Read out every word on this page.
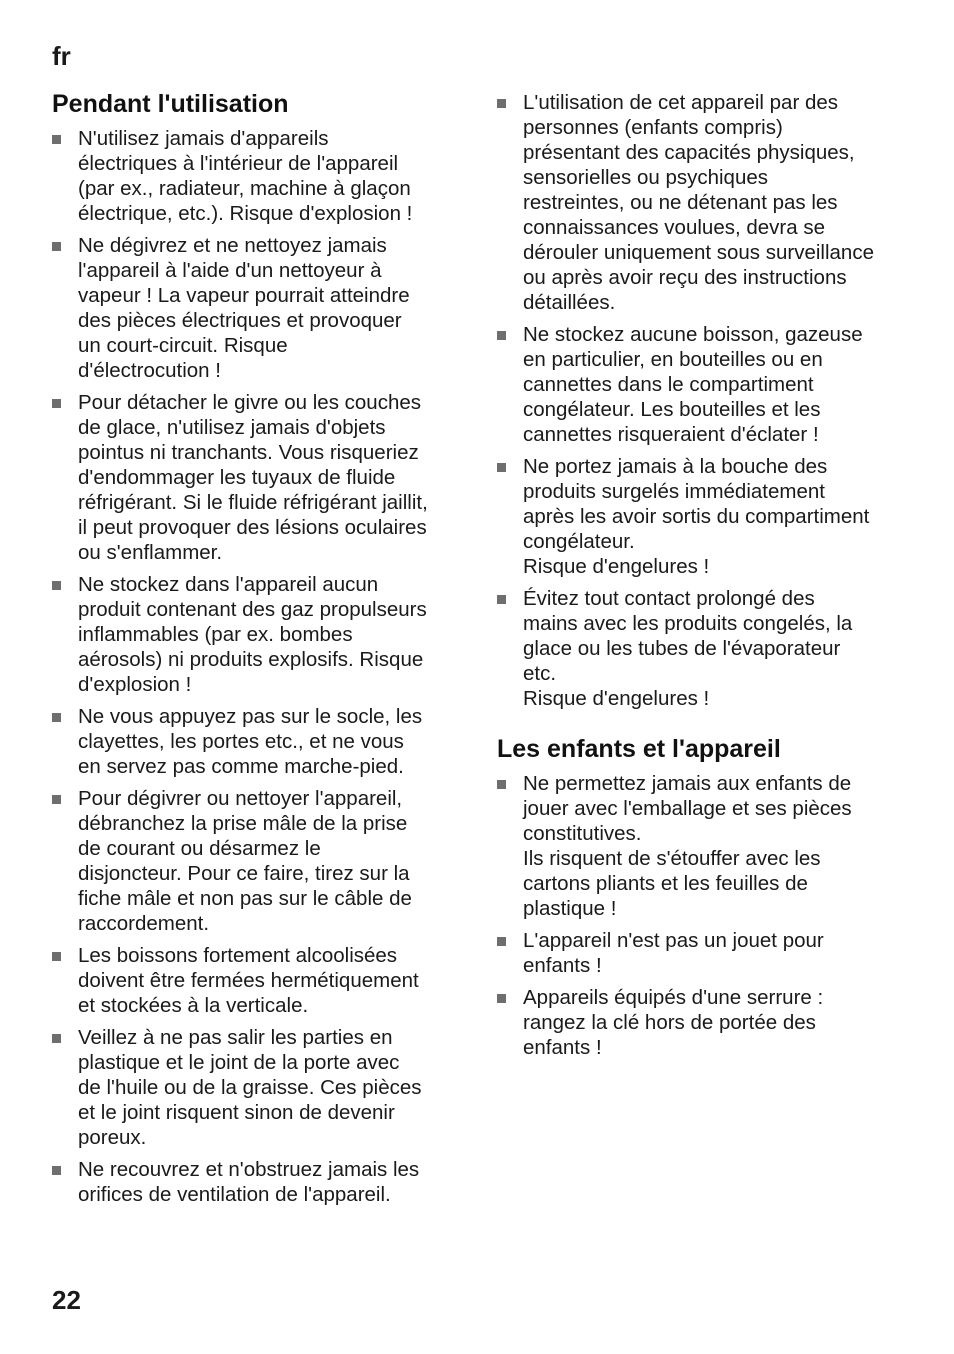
fr

Pendant l'utilisation
N'utilisez jamais d'appareils
électriques à l'intérieur de l'appareil
(par ex., radiateur, machine à glaçon
électrique, etc.). Risque d'explosion !
Ne dégivrez et ne nettoyez jamais
l'appareil à l'aide d'un nettoyeur à
vapeur ! La vapeur pourrait atteindre
des pièces électriques et provoquer
un court-circuit. Risque
d'électrocution !
Pour détacher le givre ou les couches
de glace, n'utilisez jamais d'objets
pointus ni tranchants. Vous risqueriez
d'endommager les tuyaux de fluide
réfrigérant. Si le fluide réfrigérant jaillit,
il peut provoquer des lésions oculaires
ou s'enflammer.
Ne stockez dans l'appareil aucun
produit contenant des gaz propulseurs
inflammables (par ex. bombes
aérosols) ni produits explosifs. Risque
d'explosion !
Ne vous appuyez pas sur le socle, les
clayettes, les portes etc., et ne vous
en servez pas comme marche-pied.
Pour dégivrer ou nettoyer l'appareil,
débranchez la prise mâle de la prise
de courant ou désarmez le
disjoncteur. Pour ce faire, tirez sur la
fiche mâle et non pas sur le câble de
raccordement.
Les boissons fortement alcoolisées
doivent être fermées hermétiquement
et stockées à la verticale.
Veillez à ne pas salir les parties en
plastique et le joint de la porte avec
de l'huile ou de la graisse. Ces pièces
et le joint risquent sinon de devenir
poreux.
Ne recouvrez et n'obstruez jamais les
orifices de ventilation de l'appareil.
L'utilisation de cet appareil par des
personnes (enfants compris)
présentant des capacités physiques,
sensorielles ou psychiques
restreintes, ou ne détenant pas les
connaissances voulues, devra se
dérouler uniquement sous surveillance
ou après avoir reçu des instructions
détaillées.
Ne stockez aucune boisson, gazeuse
en particulier, en bouteilles ou en
cannettes dans le compartiment
congélateur. Les bouteilles et les
cannettes risqueraient d'éclater !
Ne portez jamais à la bouche des
produits surgelés immédiatement
après les avoir sortis du compartiment
congélateur.
Risque d'engelures !
Évitez tout contact prolongé des
mains avec les produits congelés, la
glace ou les tubes de l'évaporateur
etc.
Risque d'engelures !
Les enfants et l'appareil
Ne permettez jamais aux enfants de
jouer avec l'emballage et ses pièces
constitutives.
Ils risquent de s'étouffer avec les
cartons pliants et les feuilles de
plastique !
L'appareil n'est pas un jouet pour
enfants !
Appareils équipés d'une serrure :
rangez la clé hors de portée des
enfants !

22
